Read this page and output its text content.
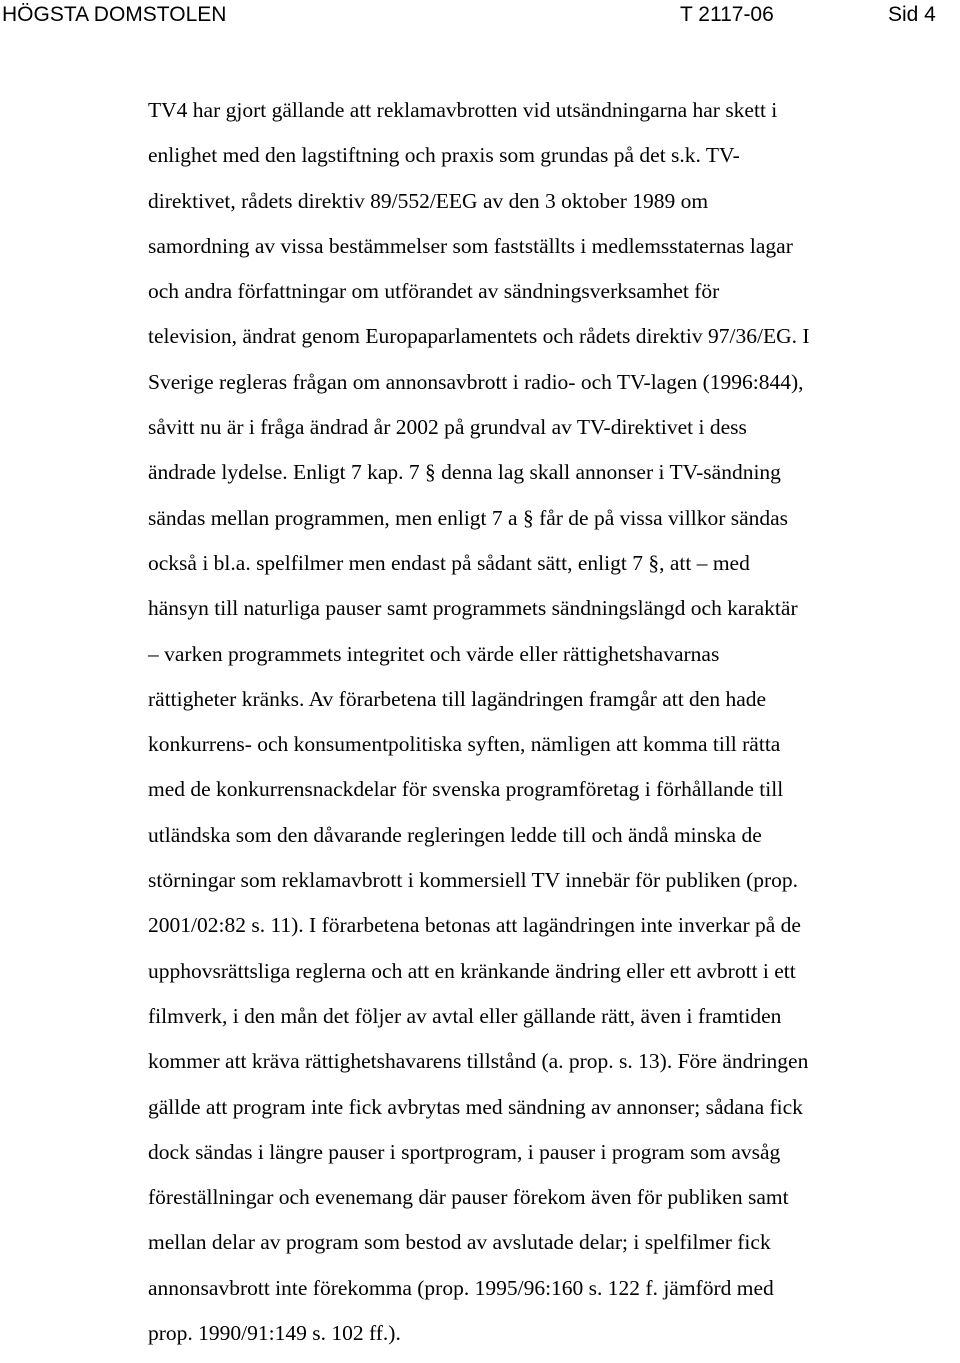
HÖGSTA DOMSTOLEN	T 2117-06	Sid 4
TV4 har gjort gällande att reklamavbrotten vid utsändningarna har skett i
enlighet med den lagstiftning och praxis som grundas på det s.k. TV-
direktivet, rådets direktiv 89/552/EEG av den 3 oktober 1989 om
samordning av vissa bestämmelser som fastställts i medlemsstaternas lagar
och andra författningar om utförandet av sändningsverksamhet för
television, ändrat genom Europaparlamentets och rådets direktiv 97/36/EG. I
Sverige regleras frågan om annonsavbrott i radio- och TV-lagen (1996:844),
såvitt nu är i fråga ändrad år 2002 på grundval av TV-direktivet i dess
ändrade lydelse. Enligt 7 kap. 7 § denna lag skall annonser i TV-sändning
sändas mellan programmen, men enligt 7 a § får de på vissa villkor sändas
också i bl.a. spelfilmer men endast på sådant sätt, enligt 7 §, att – med
hänsyn till naturliga pauser samt programmets sändningslängd och karaktär
– varken programmets integritet och värde eller rättighetshavarnas
rättigheter kränks. Av förarbetena till lagändringen framgår att den hade
konkurrens- och konsumentpolitiska syften, nämligen att komma till rätta
med de konkurrensnackdelar för svenska programföretag i förhållande till
utländska som den dåvarande regleringen ledde till och ändå minska de
störningar som reklamavbrott i kommersiell TV innebär för publiken (prop.
2001/02:82 s. 11). I förarbetena betonas att lagändringen inte inverkar på de
upphovsrättsliga reglerna och att en kränkande ändring eller ett avbrott i ett
filmverk, i den mån det följer av avtal eller gällande rätt, även i framtiden
kommer att kräva rättighetshavarens tillstånd (a. prop. s. 13). Före ändringen
gällde att program inte fick avbrytas med sändning av annonser; sådana fick
dock sändas i längre pauser i sportprogram, i pauser i program som avsåg
föreställningar och evenemang där pauser förekom även för publiken samt
mellan delar av program som bestod av avslutade delar; i spelfilmer fick
annonsavbrott inte förekomma (prop. 1995/96:160 s. 122 f. jämförd med
prop. 1990/91:149 s. 102 ff.).
